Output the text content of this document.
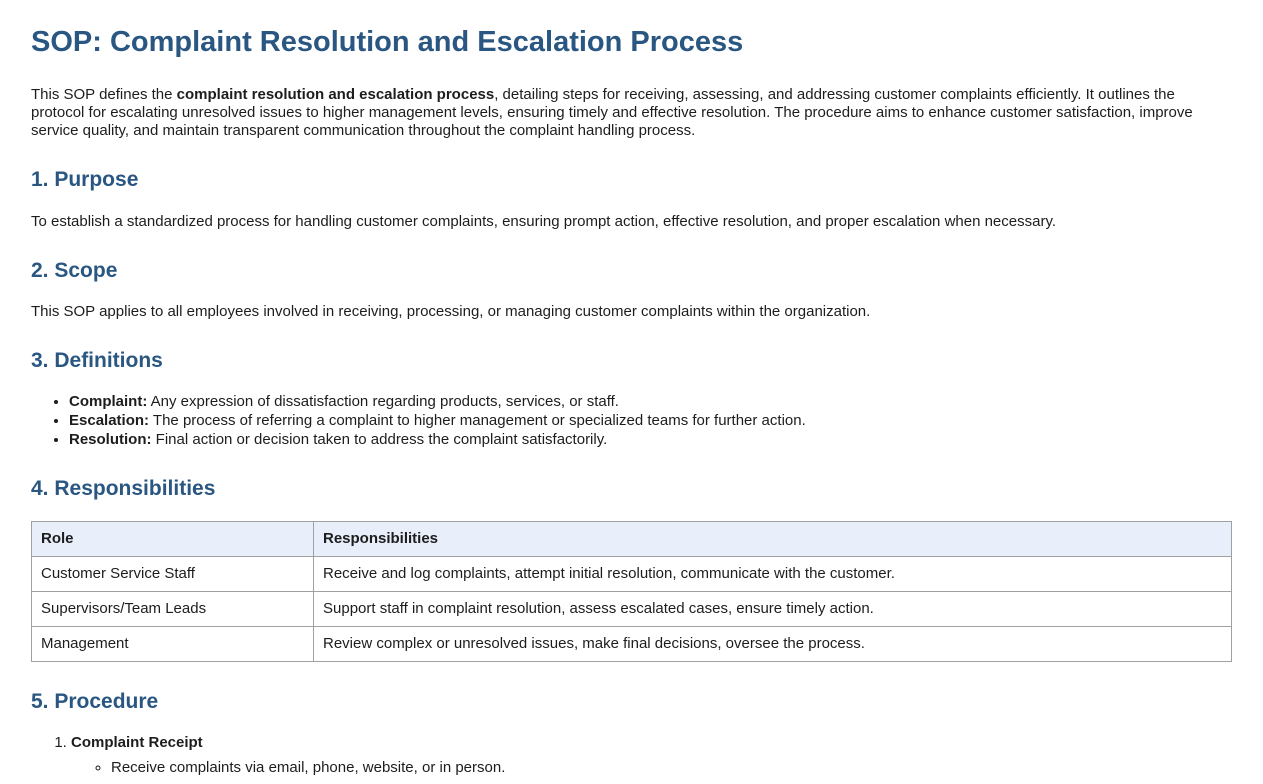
SOP: Complaint Resolution and Escalation Process

This SOP defines the complaint resolution and escalation process, detailing steps for receiving, assessing, and addressing customer complaints efficiently. It outlines the protocol for escalating unresolved issues to higher management levels, ensuring timely and effective resolution. The procedure aims to enhance customer satisfaction, improve service quality, and maintain transparent communication throughout the complaint handling process.

1. Purpose

To establish a standardized process for handling customer complaints, ensuring prompt action, effective resolution, and proper escalation when necessary.

2. Scope

This SOP applies to all employees involved in receiving, processing, or managing customer complaints within the organization.

3. Definitions
• Complaint: Any expression of dissatisfaction regarding products, services, or staff.
• Escalation: The process of referring a complaint to higher management or specialized teams for further action.
• Resolution: Final action or decision taken to address the complaint satisfactorily.
4. Responsibilities
Role	Responsibilities
Customer Service Staff	Receive and log complaints, attempt initial resolution, communicate with the customer.
Supervisors/Team Leads	Support staff in complaint resolution, assess escalated cases, ensure timely action.
Management	Review complex or unresolved issues, make final decisions, oversee the process.
5. Procedure
1. Complaint Receipt
◦ Receive complaints via email, phone, website, or in person.
